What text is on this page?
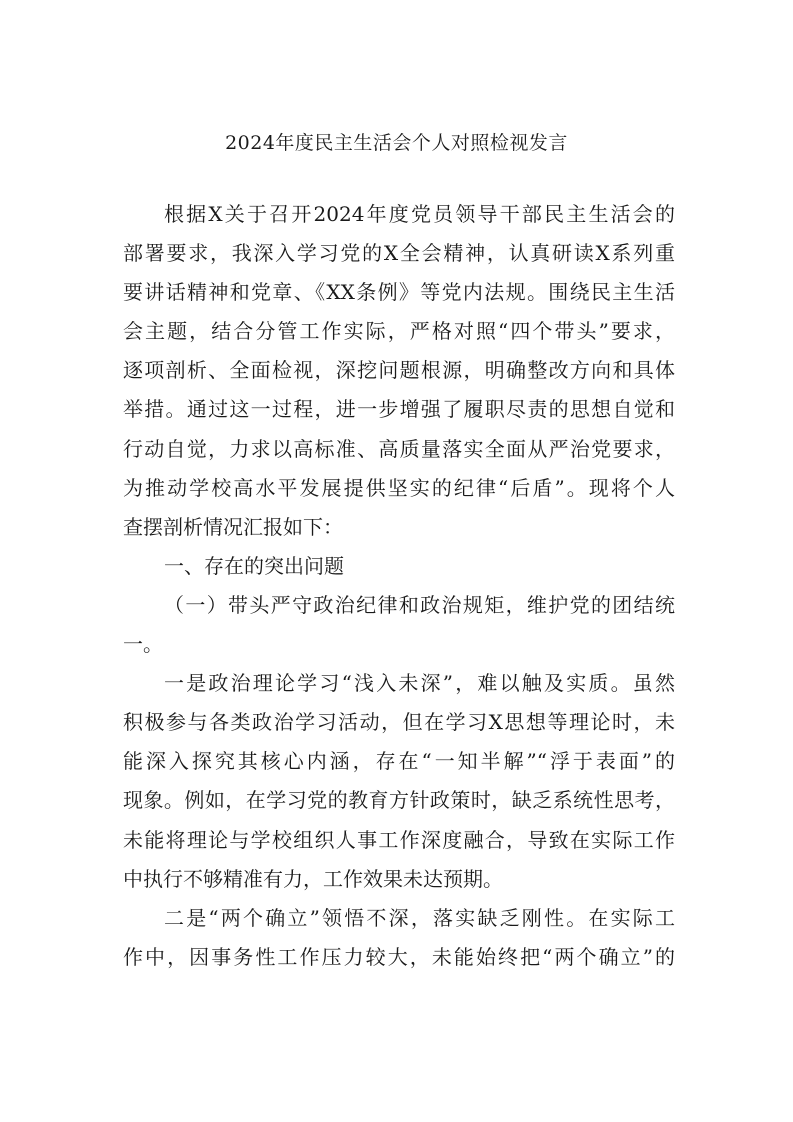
2024年度民主生活会个人对照检视发言
根据X关于召开2024年度党员领导干部民主生活会的
部署要求，我深入学习党的X全会精神，认真研读X系列重
要讲话精神和党章、《XX条例》等党内法规。围绕民主生活
会主题，结合分管工作实际，严格对照“四个带头”要求，
逐项剖析、全面检视，深挖问题根源，明确整改方向和具体
举措。通过这一过程，进一步增强了履职尽责的思想自觉和
行动自觉，力求以高标准、高质量落实全面从严治党要求，
为推动学校高水平发展提供坚实的纪律“后盾”。现将个人
查摆剖析情况汇报如下：
一、存在的突出问题
（一）带头严守政治纪律和政治规矩，维护党的团结统
一。
一是政治理论学习“浅入未深”，难以触及实质。虽然
积极参与各类政治学习活动，但在学习X思想等理论时，未
能深入探究其核心内涵，存在“一知半解”“浮于表面”的
现象。例如，在学习党的教育方针政策时，缺乏系统性思考，
未能将理论与学校组织人事工作深度融合，导致在实际工作
中执行不够精准有力，工作效果未达预期。
二是“两个确立”领悟不深，落实缺乏刚性。在实际工
作中，因事务性工作压力较大，未能始终把“两个确立”的
